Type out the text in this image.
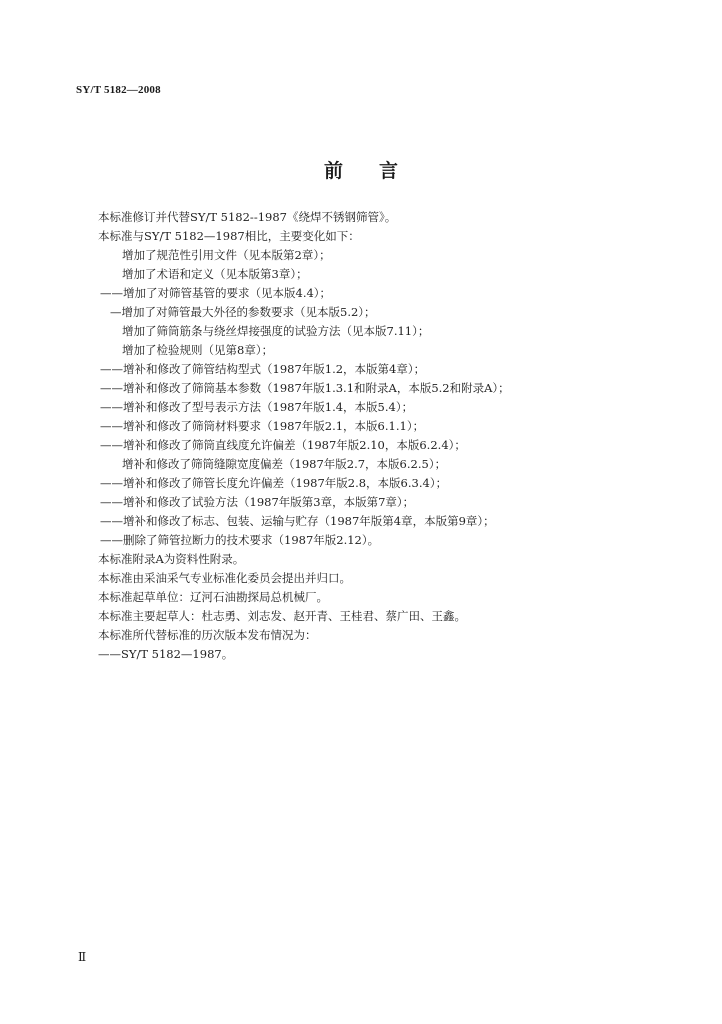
SY/T 5182—2008
前 言
本标准修订并代替SY/T 5182--1987《绕焊不锈钢筛管》。
本标准与SY/T 5182—1987相比，主要变化如下：
增加了规范性引用文件（见本版第2章）；
增加了术语和定义（见本版第3章）；
——增加了对筛管基管的要求（见本版4.4）；
—增加了对筛管最大外径的参数要求（见本版5.2）；
增加了筛筒筋条与绕丝焊接强度的试验方法（见本版7.11）；
增加了检验规则（见第8章）；
——增补和修改了筛管结构型式（1987年版1.2，本版第4章）；
——增补和修改了筛筒基本参数（1987年版1.3.1和附录A，本版5.2和附录A）；
——增补和修改了型号表示方法（1987年版1.4，本版5.4）；
——增补和修改了筛筒材料要求（1987年版2.1，本版6.1.1）；
——增补和修改了筛筒直线度允许偏差（1987年版2.10，本版6.2.4）；
增补和修改了筛筒缝隙宽度偏差（1987年版2.7，本版6.2.5）；
——增补和修改了筛管长度允许偏差（1987年版2.8，本版6.3.4）；
——增补和修改了试验方法（1987年版第3章，本版第7章）；
——增补和修改了标志、包装、运输与贮存（1987年版第4章，本版第9章）；
——删除了筛管拉断力的技术要求（1987年版2.12）。
本标准附录A为资料性附录。
本标准由采油采气专业标准化委员会提出并归口。
本标准起草单位：辽河石油勘探局总机械厂。
本标准主要起草人：杜志勇、刘志发、赵开青、王桂君、蔡广田、王鑫。
本标准所代替标准的历次版本发布情况为：
——SY/T 5182—1987。
Ⅱ
